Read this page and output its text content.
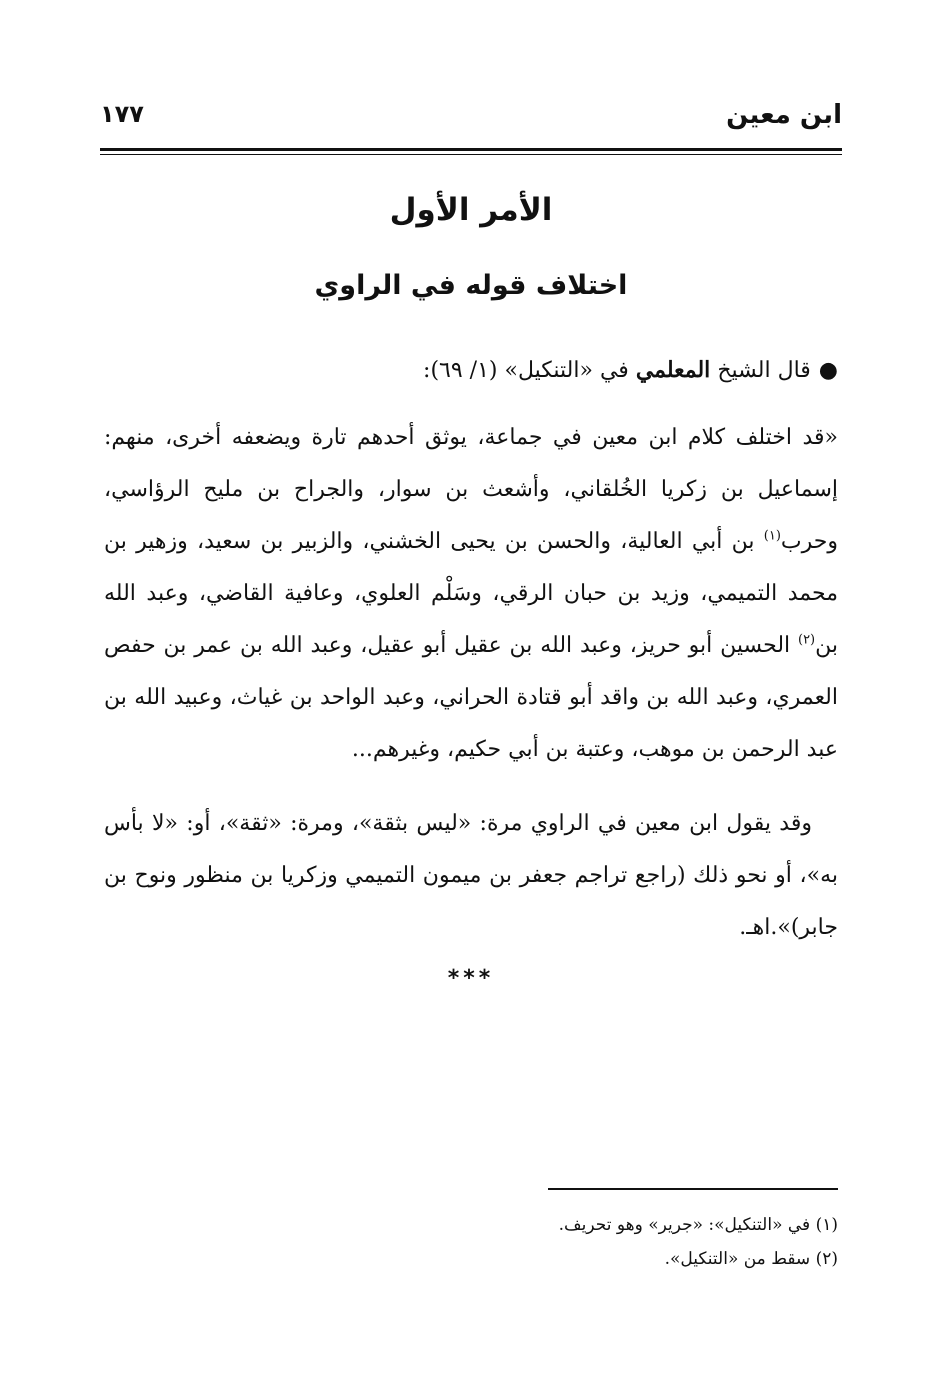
ابن معين
١٧٧
الأمر الأول
اختلاف قوله في الراوي
●قال الشيخ المعلمي في «التنكيل» (١/ ٦٩):
«قد اختلف كلام ابن معين في جماعة، يوثق أحدهم تارة ويضعفه أخرى، منهم: إسماعيل بن زكريا الخُلقاني، وأشعث بن سوار، والجراح بن مليح الرؤاسي، وحرب$^{(١)}$ بن أبي العالية، والحسن بن يحيى الخشني، والزبير بن سعيد، وزهير بن محمد التميمي، وزيد بن حبان الرقي، وسَلْم العلوي، وعافية القاضي، وعبد الله بن$^{(٢)}$ الحسين أبو حريز، وعبد الله بن عقيل أبو عقيل، وعبد الله بن عمر بن حفص العمري، وعبد الله بن واقد أبو قتادة الحراني، وعبد الواحد بن غياث، وعبيد الله بن عبد الرحمن بن موهب، وعتبة بن أبي حكيم، وغيرهم...
وقد يقول ابن معين في الراوي مرة: «ليس بثقة»، ومرة: «ثقة»، أو: «لا بأس به»، أو نحو ذلك (راجع تراجم جعفر بن ميمون التميمي وزكريا بن منظور ونوح بن جابر)».اهـ.
***
(١) في «التنكيل»: «جرير» وهو تحريف.
(٢) سقط من «التنكيل».
